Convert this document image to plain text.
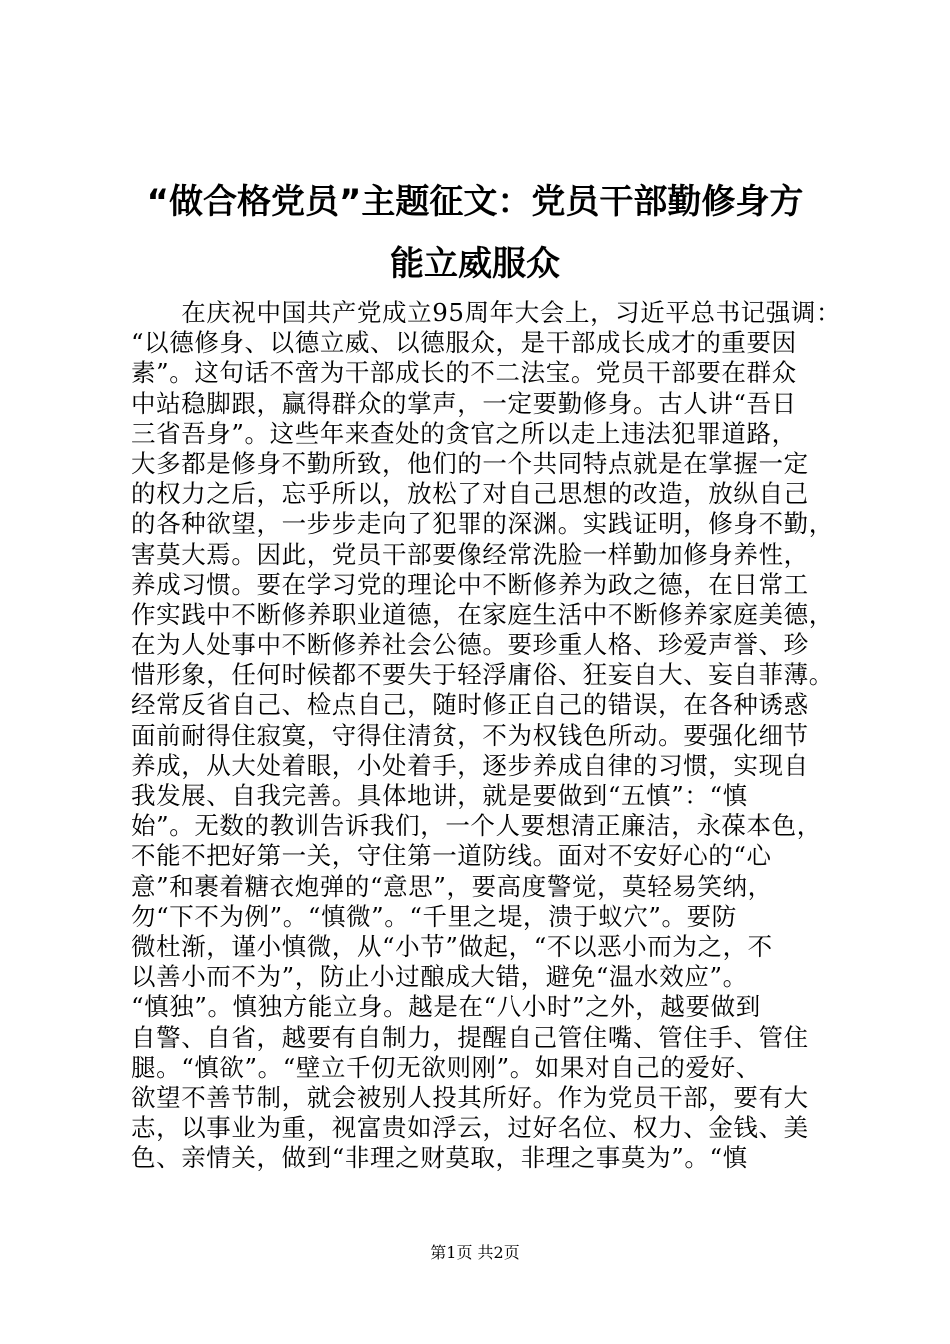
“做合格党员”主题征文：党员干部勤修身方
能立威服众
　　在庆祝中国共产党成立95周年大会上，习近平总书记强调：
“以德修身、以德立威、以德服众，是干部成长成才的重要因
素”。这句话不啻为干部成长的不二法宝。党员干部要在群众
中站稳脚跟，赢得群众的掌声，一定要勤修身。古人讲“吾日
三省吾身”。这些年来查处的贪官之所以走上违法犯罪道路，
大多都是修身不勤所致，他们的一个共同特点就是在掌握一定
的权力之后，忘乎所以，放松了对自己思想的改造，放纵自己
的各种欲望，一步步走向了犯罪的深渊。实践证明，修身不勤，
害莫大焉。因此，党员干部要像经常洗脸一样勤加修身养性，
养成习惯。要在学习党的理论中不断修养为政之德，在日常工
作实践中不断修养职业道德，在家庭生活中不断修养家庭美德，
在为人处事中不断修养社会公德。要珍重人格、珍爱声誉、珍
惜形象，任何时候都不要失于轻浮庸俗、狂妄自大、妄自菲薄。
经常反省自己、检点自己，随时修正自己的错误，在各种诱惑
面前耐得住寂寞，守得住清贫，不为权钱色所动。要强化细节
养成，从大处着眼，小处着手，逐步养成自律的习惯，实现自
我发展、自我完善。具体地讲，就是要做到“五慎”：“慎
始”。无数的教训告诉我们，一个人要想清正廉洁，永葆本色，
不能不把好第一关，守住第一道防线。面对不安好心的“心
意”和裹着糖衣炮弹的“意思”，要高度警觉，莫轻易笑纳，
勿“下不为例”。“慎微”。“千里之堤，溃于蚁穴”。要防
微杜渐，谨小慎微，从“小节”做起，“不以恶小而为之，不
以善小而不为”，防止小过酿成大错，避免“温水效应”。
“慎独”。慎独方能立身。越是在“八小时”之外，越要做到
自警、自省，越要有自制力，提醒自己管住嘴、管住手、管住
腿。“慎欲”。“壁立千仞无欲则刚”。如果对自己的爱好、
欲望不善节制，就会被别人投其所好。作为党员干部，要有大
志，以事业为重，视富贵如浮云，过好名位、权力、金钱、美
色、亲情关，做到“非理之财莫取，非理之事莫为”。“慎
第1页 共2页
